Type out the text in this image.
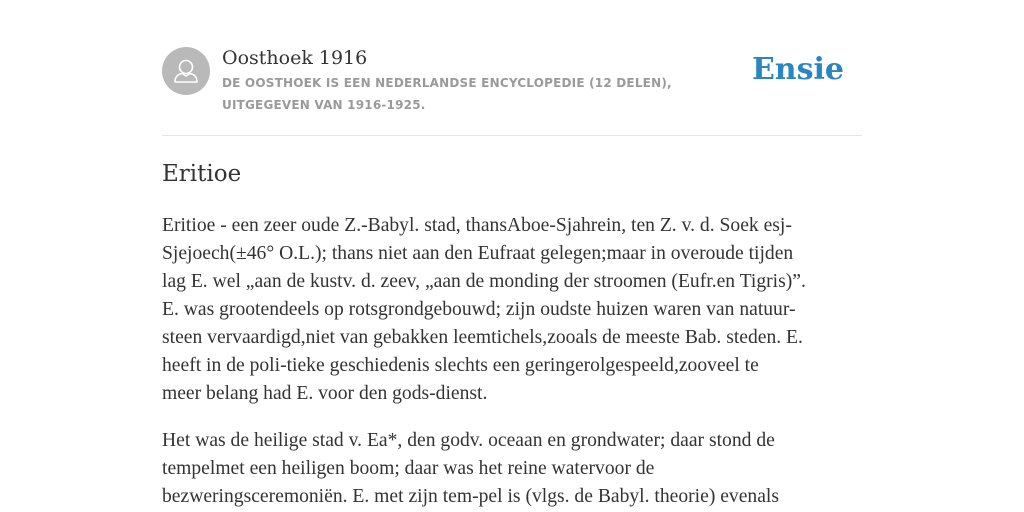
Oosthoek 1916
DE OOSTHOEK IS EEN NEDERLANDSE ENCYCLOPEDIE (12 DELEN), UITGEGEVEN VAN 1916-1925.
Ensie
Eritioe

Eritioe - een zeer oude Z.-Babyl. stad, thansAboe-Sjahrein, ten Z. v. d. Soek esj-
Sjejoech(±46° O.L.); thans niet aan den Eufraat gelegen;maar in overoude tijden
lag E. wel „aan de kustv. d. zeev, „aan de monding der stroomen (Eufr.en Tigris)”.
E. was grootendeels op rotsgrondgebouwd; zijn oudste huizen waren van natuur-
steen vervaardigd,niet van gebakken leemtichels,zooals de meeste Bab. steden. E.
heeft in de poli-tieke geschiedenis slechts een geringerolgespeeld,zooveel te
meer belang had E. voor den gods-dienst.

Het was de heilige stad v. Ea*, den godv. oceaan en grondwater; daar stond de
tempelmet een heiligen boom; daar was het reine watervoor de
bezweringsceremoniën. E. met zijn tem-pel is (vlgs. de Babyl. theorie) evenals
